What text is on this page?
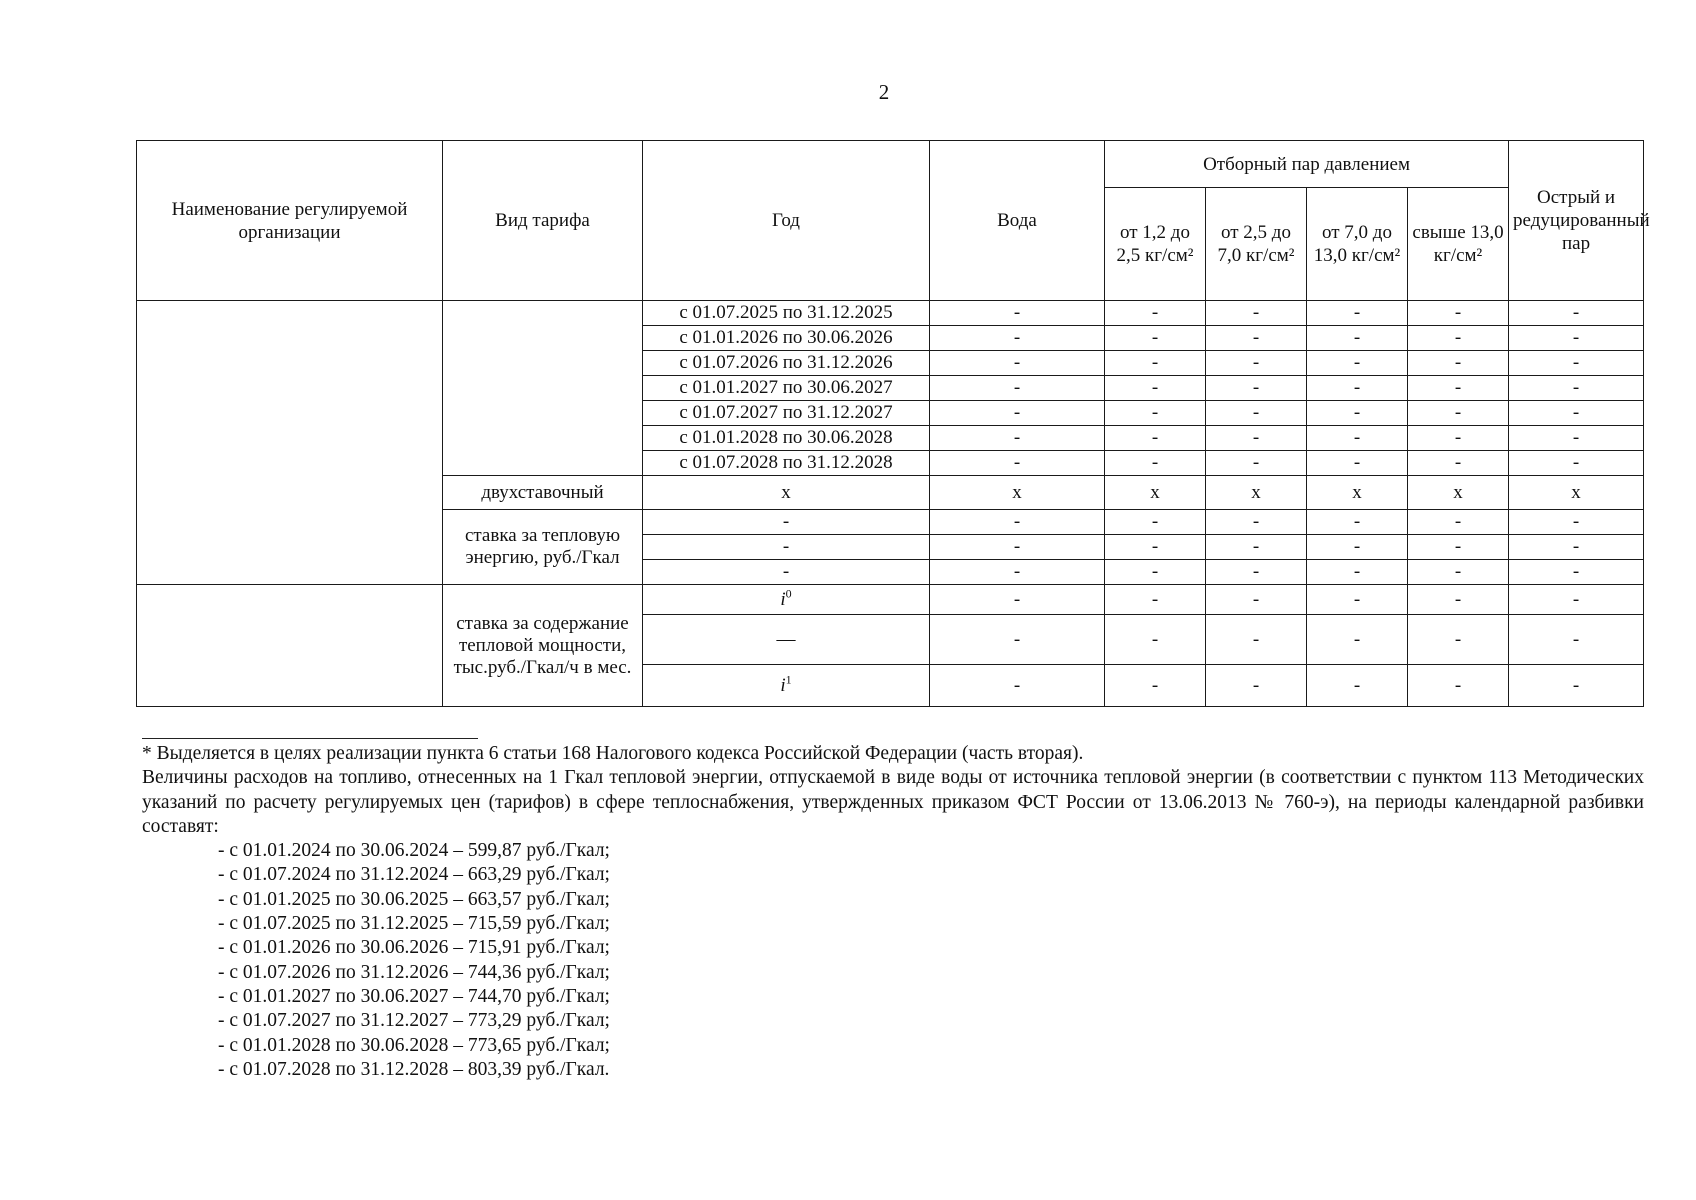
2
Наименование регулируемой организации	Вид тарифа	Год	Вода	Отборный пар давлением				Острый и редуцированный пар
				от 1,2 до 2,5 кг/см²	от 2,5 до 7,0 кг/см²	от 7,0 до 13,0 кг/см²	свыше 13,0 кг/см²	
		с 01.07.2025 по 31.12.2025	-	-	-	-	-	-
		с 01.01.2026 по 30.06.2026	-	-	-	-	-	-
		с 01.07.2026 по 31.12.2026	-	-	-	-	-	-
		с 01.01.2027 по 30.06.2027	-	-	-	-	-	-
		с 01.07.2027 по 31.12.2027	-	-	-	-	-	-
		с 01.01.2028 по 30.06.2028	-	-	-	-	-	-
		с 01.07.2028 по 31.12.2028	-	-	-	-	-	-
	двухставочный	x	x	x	x	x	x	x
	ставка за тепловую энергию, руб./Гкал	-	-	-	-	-	-	-
		-	-	-	-	-	-	-
		-	-	-	-	-	-	-
	ставка за содержание тепловой мощности, тыс.руб./Гкал/ч в мес.	$i^0$	-	-	-	-	-	-
		—	-	-	-	-	-	-
		$i^1$	-	-	-	-	-	-

* Выделяется в целях реализации пункта 6 статьи 168 Налогового кодекса Российской Федерации (часть вторая).

Величины расходов на топливо, отнесенных на 1 Гкал тепловой энергии, отпускаемой в виде воды от источника тепловой энергии (в соответствии с пунктом 113 Методических указаний по расчету регулируемых цен (тарифов) в сфере теплоснабжения, утвержденных приказом ФСТ России от 13.06.2013 № 760-э), на периоды календарной разбивки составят:

- с 01.01.2024 по 30.06.2024 – 599,87 руб./Гкал;
- с 01.07.2024 по 31.12.2024 – 663,29 руб./Гкал;
- с 01.01.2025 по 30.06.2025 – 663,57 руб./Гкал;
- с 01.07.2025 по 31.12.2025 – 715,59 руб./Гкал;
- с 01.01.2026 по 30.06.2026 – 715,91 руб./Гкал;
- с 01.07.2026 по 31.12.2026 – 744,36 руб./Гкал;
- с 01.01.2027 по 30.06.2027 – 744,70 руб./Гкал;
- с 01.07.2027 по 31.12.2027 – 773,29 руб./Гкал;
- с 01.01.2028 по 30.06.2028 – 773,65 руб./Гкал;
- с 01.07.2028 по 31.12.2028 – 803,39 руб./Гкал.
